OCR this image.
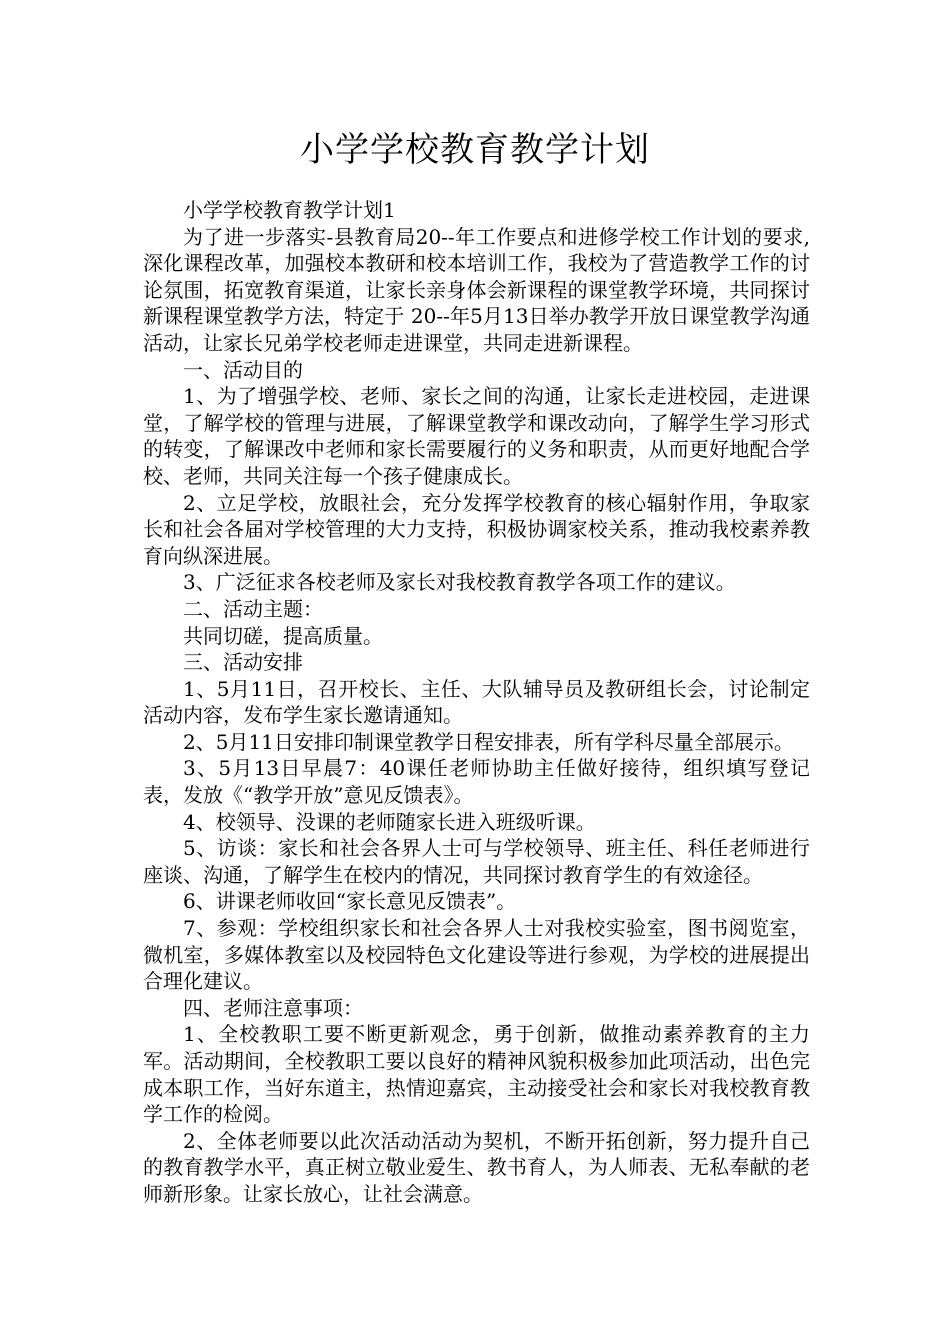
小学学校教育教学计划

小学学校教育教学计划1

为了进一步落实-县教育局20--年工作要点和进修学校工作计划的要求,深化课程改革，加强校本教研和校本培训工作，我校为了营造教学工作的讨论氛围，拓宽教育渠道，让家长亲身体会新课程的课堂教学环境，共同探讨新课程课堂教学方法，特定于 20--年5月13日举办教学开放日课堂教学沟通活动，让家长兄弟学校老师走进课堂，共同走进新课程。

一、活动目的

1、为了增强学校、老师、家长之间的沟通，让家长走进校园，走进课堂，了解学校的管理与进展，了解课堂教学和课改动向，了解学生学习形式的转变，了解课改中老师和家长需要履行的义务和职责，从而更好地配合学校、老师，共同关注每一个孩子健康成长。

2、立足学校，放眼社会，充分发挥学校教育的核心辐射作用，争取家长和社会各届对学校管理的大力支持，积极协调家校关系，推动我校素养教育向纵深进展。

3、广泛征求各校老师及家长对我校教育教学各项工作的建议。

二、活动主题：

共同切磋，提高质量。

三、活动安排

1、5月11日，召开校长、主任、大队辅导员及教研组长会，讨论制定活动内容，发布学生家长邀请通知。

2、5月11日安排印制课堂教学日程安排表，所有学科尽量全部展示。

3、5月13日早晨7：40课任老师协助主任做好接待，组织填写登记表，发放《“教学开放”意见反馈表》。

4、校领导、没课的老师随家长进入班级听课。

5、访谈：家长和社会各界人士可与学校领导、班主任、科任老师进行座谈、沟通，了解学生在校内的情况，共同探讨教育学生的有效途径。

6、讲课老师收回“家长意见反馈表”。

7、参观：学校组织家长和社会各界人士对我校实验室，图书阅览室，微机室，多媒体教室以及校园特色文化建设等进行参观，为学校的进展提出合理化建议。

四、老师注意事项：

1、全校教职工要不断更新观念，勇于创新，做推动素养教育的主力军。活动期间，全校教职工要以良好的精神风貌积极参加此项活动，出色完成本职工作，当好东道主，热情迎嘉宾，主动接受社会和家长对我校教育教学工作的检阅。

2、全体老师要以此次活动活动为契机，不断开拓创新，努力提升自己的教育教学水平，真正树立敬业爱生、教书育人，为人师表、无私奉献的老师新形象。让家长放心，让社会满意。
